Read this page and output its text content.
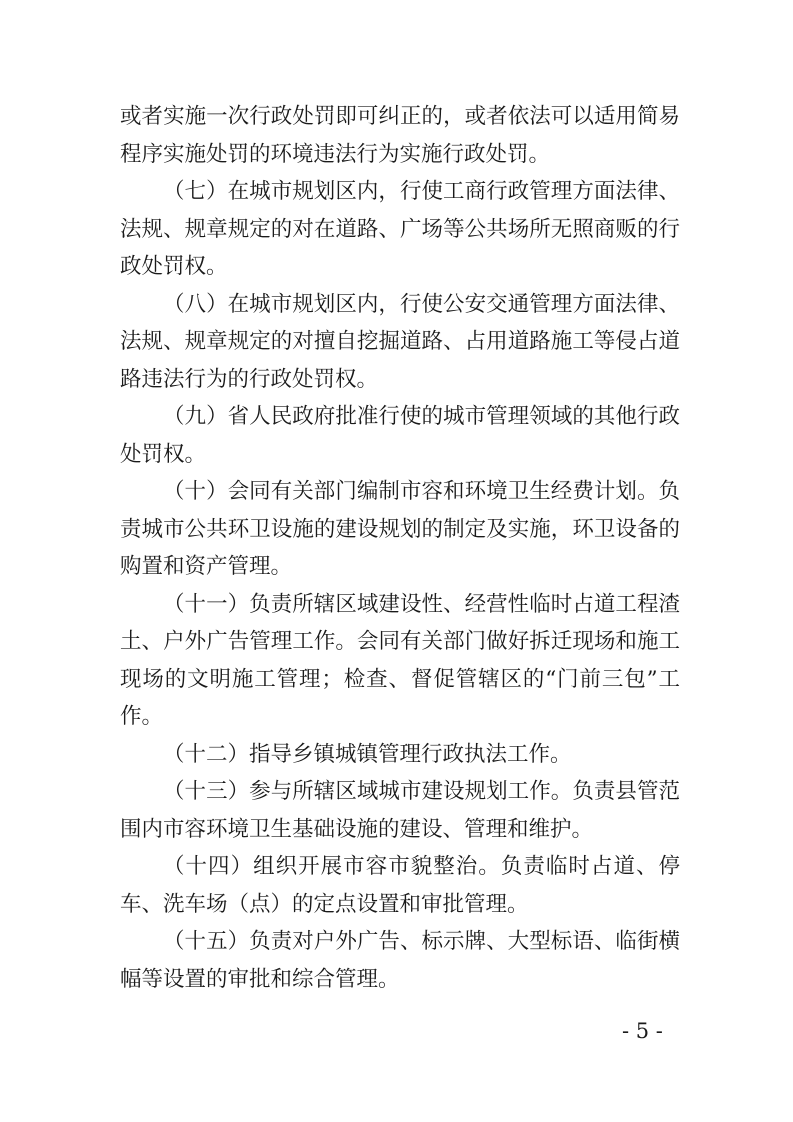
或者实施一次行政处罚即可纠正的，或者依法可以适用简易程序实施处罚的环境违法行为实施行政处罚。

（七）在城市规划区内，行使工商行政管理方面法律、法规、规章规定的对在道路、广场等公共场所无照商贩的行政处罚权。

（八）在城市规划区内，行使公安交通管理方面法律、法规、规章规定的对擅自挖掘道路、占用道路施工等侵占道路违法行为的行政处罚权。

（九）省人民政府批准行使的城市管理领域的其他行政处罚权。

（十）会同有关部门编制市容和环境卫生经费计划。负责城市公共环卫设施的建设规划的制定及实施，环卫设备的购置和资产管理。

（十一）负责所辖区域建设性、经营性临时占道工程渣土、户外广告管理工作。会同有关部门做好拆迁现场和施工现场的文明施工管理；检查、督促管辖区的“门前三包”工作。

（十二）指导乡镇城镇管理行政执法工作。

（十三）参与所辖区域城市建设规划工作。负责县管范围内市容环境卫生基础设施的建设、管理和维护。

（十四）组织开展市容市貌整治。负责临时占道、停车、洗车场（点）的定点设置和审批管理。

（十五）负责对户外广告、标示牌、大型标语、临街横幅等设置的审批和综合管理。

- 5 -
